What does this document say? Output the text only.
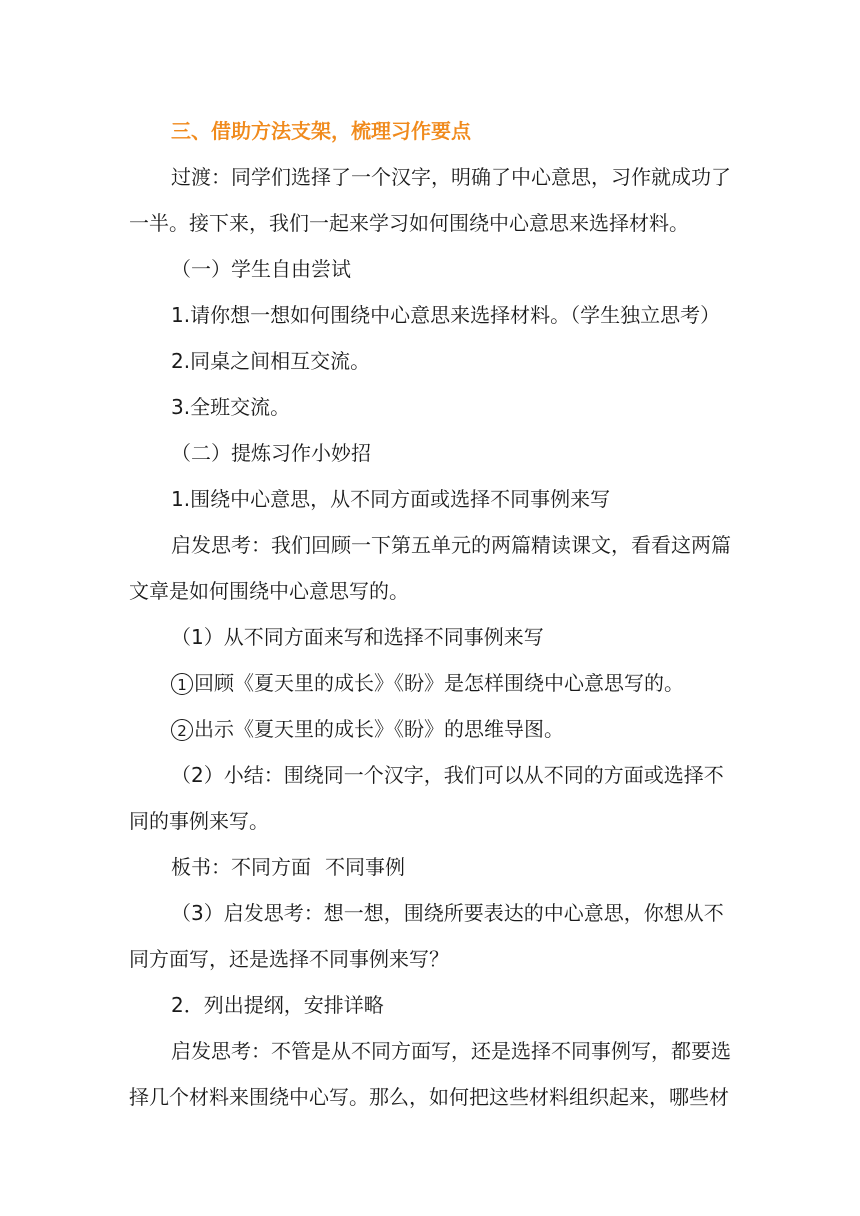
三、借助方法支架，梳理习作要点

过渡：同学们选择了一个汉字，明确了中心意思，习作就成功了

一半。接下来，我们一起来学习如何围绕中心意思来选择材料。

（一）学生自由尝试

1.请你想一想如何围绕中心意思来选择材料。（学生独立思考）

2.同桌之间相互交流。

3.全班交流。

（二）提炼习作小妙招

1.围绕中心意思，从不同方面或选择不同事例来写

启发思考：我们回顾一下第五单元的两篇精读课文，看看这两篇

文章是如何围绕中心意思写的。

（1）从不同方面来写和选择不同事例来写

1 回顾《夏天里的成长》《盼》是怎样围绕中心意思写的。

2 出示《夏天里的成长》《盼》的思维导图。

（2）小结：围绕同一个汉字，我们可以从不同的方面或选择不

同的事例来写。

板书：不同方面 不同事例

（3）启发思考：想一想，围绕所要表达的中心意思，你想从不

同方面写，还是选择不同事例来写？

2．列出提纲，安排详略

启发思考：不管是从不同方面写，还是选择不同事例写，都要选

择几个材料来围绕中心写。那么，如何把这些材料组织起来，哪些材
